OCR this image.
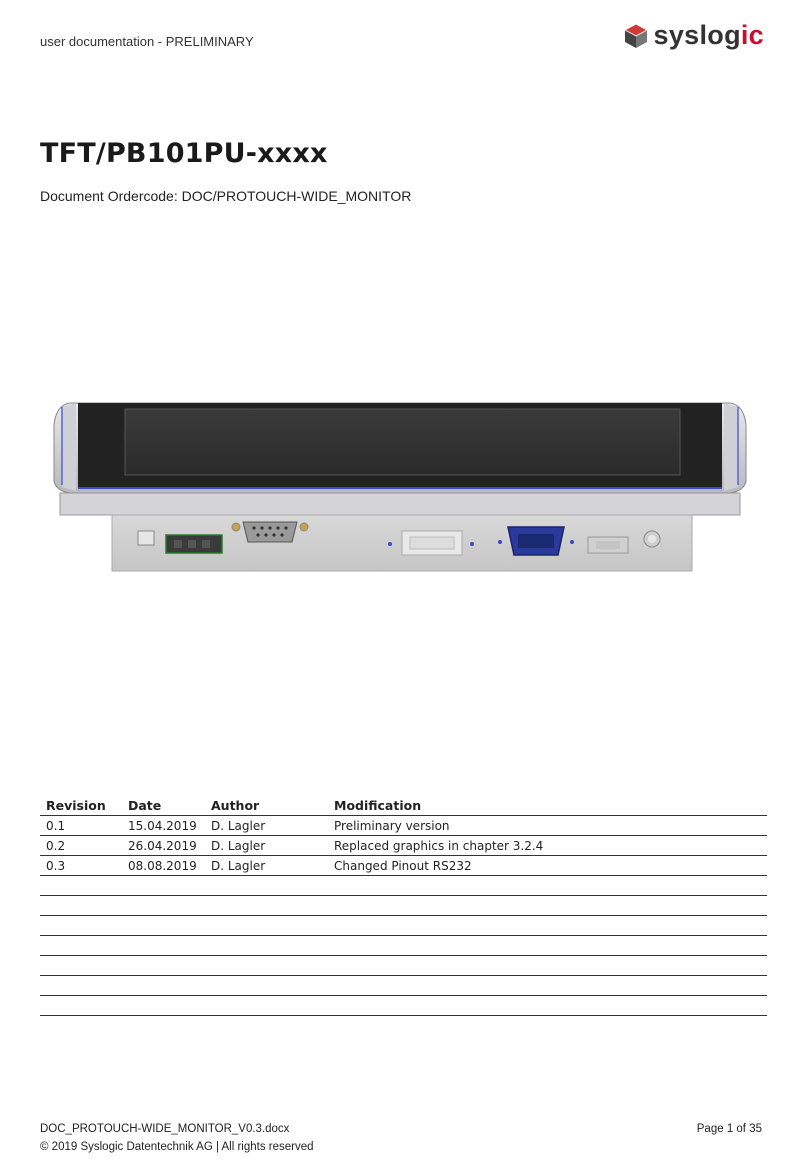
user documentation - PRELIMINARY	syslogic
TFT/PB101PU-xxxx
Document Ordercode: DOC/PROTOUCH-WIDE_MONITOR
Revision	Date	Author	Modification
0.1	15.04.2019	D. Lagler	Preliminary version
0.2	26.04.2019	D. Lagler	Replaced graphics in chapter 3.2.4
0.3	08.08.2019	D. Lagler	Changed Pinout RS232

DOC_PROTOUCH-WIDE_MONITOR_V0.3.docx
© 2019 Syslogic Datentechnik AG | All rights reserved
Page 1 of 35
